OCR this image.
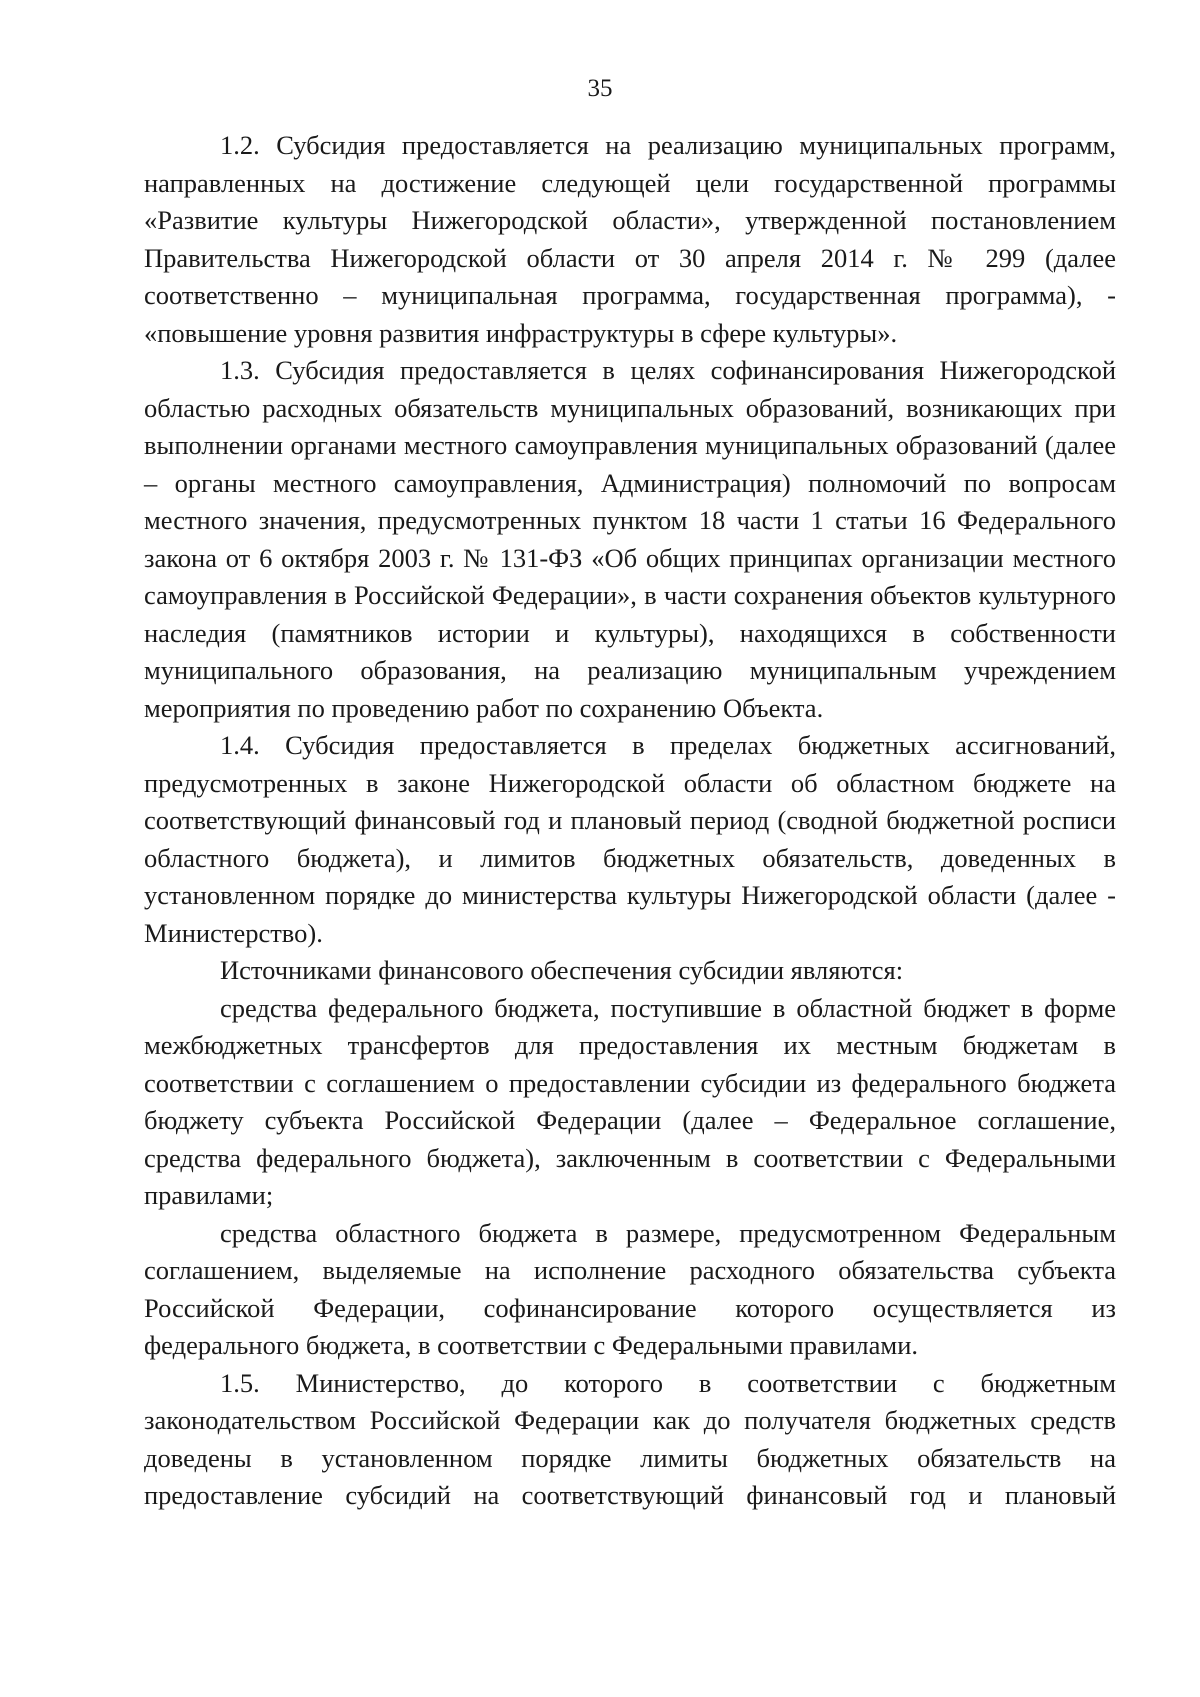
35

1.2. Субсидия предоставляется на реализацию муниципальных программ, направленных на достижение следующей цели государственной программы «Развитие культуры Нижегородской области», утвержденной постановлением Правительства Нижегородской области от 30 апреля 2014 г. № 299 (далее соответственно – муниципальная программа, государственная программа), - «повышение уровня развития инфраструктуры в сфере культуры».

1.3. Субсидия предоставляется в целях софинансирования Нижегородской областью расходных обязательств муниципальных образований, возникающих при выполнении органами местного самоуправления муниципальных образований (далее – органы местного самоуправления, Администрация) полномочий по вопросам местного значения, предусмотренных пунктом 18 части 1 статьи 16 Федерального закона от 6 октября 2003 г. № 131-ФЗ «Об общих принципах организации местного самоуправления в Российской Федерации», в части сохранения объектов культурного наследия (памятников истории и культуры), находящихся в собственности муниципального образования, на реализацию муниципальным учреждением мероприятия по проведению работ по сохранению Объекта.

1.4. Субсидия предоставляется в пределах бюджетных ассигнований, предусмотренных в законе Нижегородской области об областном бюджете на соответствующий финансовый год и плановый период (сводной бюджетной росписи областного бюджета), и лимитов бюджетных обязательств, доведенных в установленном порядке до министерства культуры Нижегородской области (далее - Министерство).

Источниками финансового обеспечения субсидии являются:

средства федерального бюджета, поступившие в областной бюджет в форме межбюджетных трансфертов для предоставления их местным бюджетам в соответствии с соглашением о предоставлении субсидии из федерального бюджета бюджету субъекта Российской Федерации (далее – Федеральное соглашение, средства федерального бюджета), заключенным в соответствии с Федеральными правилами;

средства областного бюджета в размере, предусмотренном Федеральным соглашением, выделяемые на исполнение расходного обязательства субъекта Российской Федерации, софинансирование которого осуществляется из федерального бюджета, в соответствии с Федеральными правилами.

1.5. Министерство, до которого в соответствии с бюджетным законодательством Российской Федерации как до получателя бюджетных средств доведены в установленном порядке лимиты бюджетных обязательств на предоставление субсидий на соответствующий финансовый год и плановый
